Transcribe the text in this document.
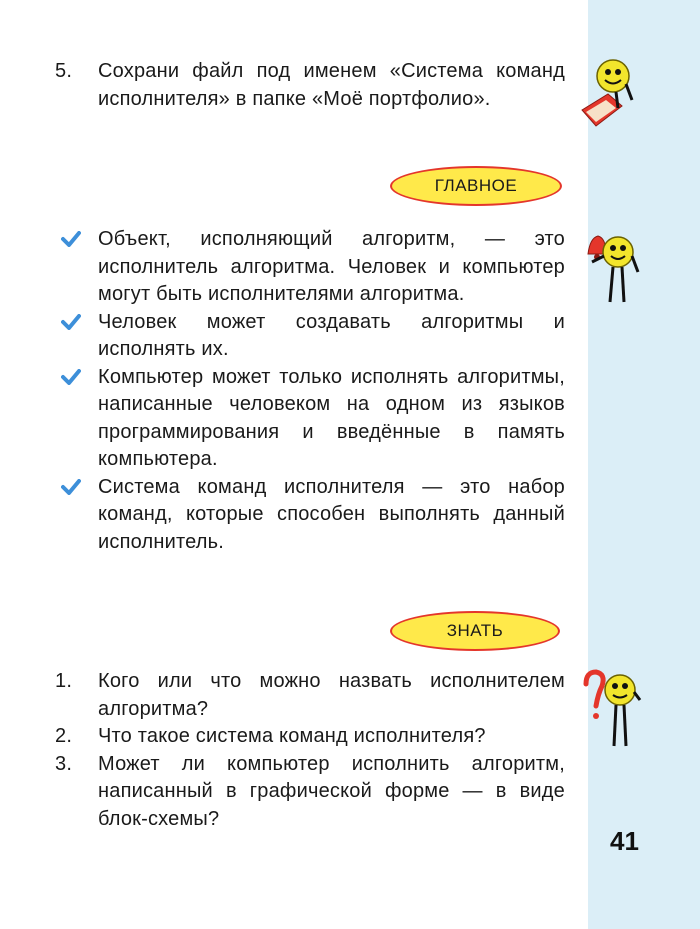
5.	Сохрани файл под именем «Система команд исполнителя» в папке «Моё портфолио».
ГЛАВНОЕ
Объект, исполняющий алгоритм, — это исполнитель алгоритма. Человек и компьютер могут быть исполнителями алгоритма.
Человек может создавать алгоритмы и исполнять их.
Компьютер может только исполнять алгоритмы, написанные человеком на одном из языков программирования и введённые в память компьютера.
Система команд исполнителя — это набор команд, которые способен выполнять данный исполнитель.
ЗНАТЬ
1.	Кого или что можно назвать исполнителем алгоритма?
2.	Что такое система команд исполнителя?
3.	Может ли компьютер исполнить алгоритм, написанный в графической форме — в виде блок-схемы?
41
